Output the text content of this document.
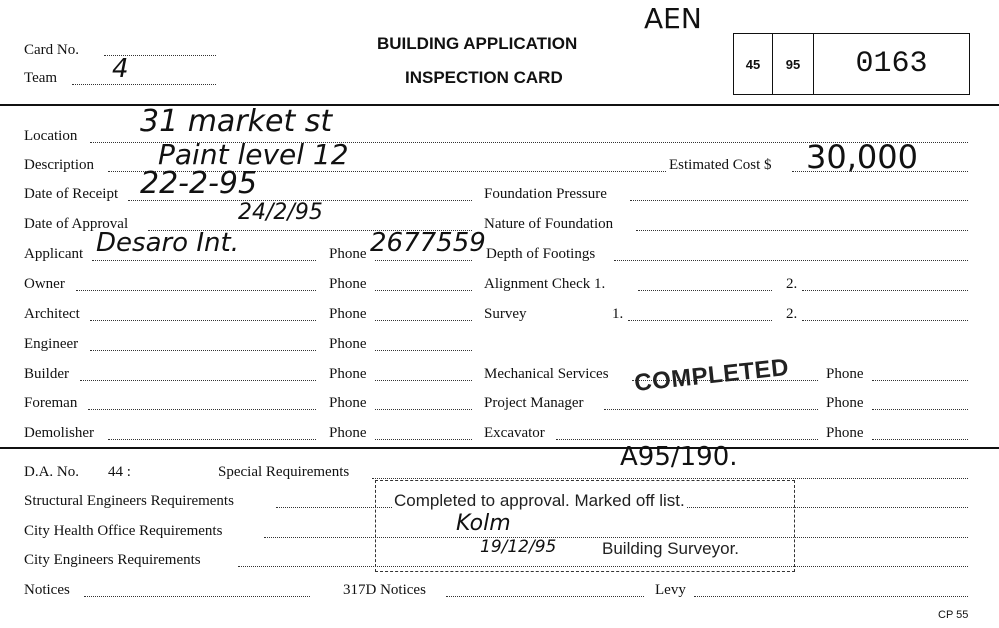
Card No.
Team 4
BUILDING APPLICATION
INSPECTION CARD
AEN
45	95	0163
Location 31 market st
Description Paint level 12	Estimated Cost $ 30,000
Date of Receipt 22-2-95	Foundation Pressure
Date of Approval	24/2/95	Nature of Foundation
Applicant Desaro Int.	Phone 2677559 Depth of Footings
Owner	Phone	Alignment Check 1.	2.
Architect	Phone	Survey	1.	2.
Engineer	Phone
Builder	Phone	Mechanical Services	Phone
Foreman	Phone	Project Manager	Phone
COMPLETED
Demolisher	Phone	Excavator	Phone
D.A. No. 44 :	Special Requirements	A95/190.
Structural Engineers Requirements
City Health Office Requirements
City Engineers Requirements
Notices	317D Notices	Levy
Completed to approval. Marked off list.
Kolm
19/12/95	Building Surveyor.
CP 55
